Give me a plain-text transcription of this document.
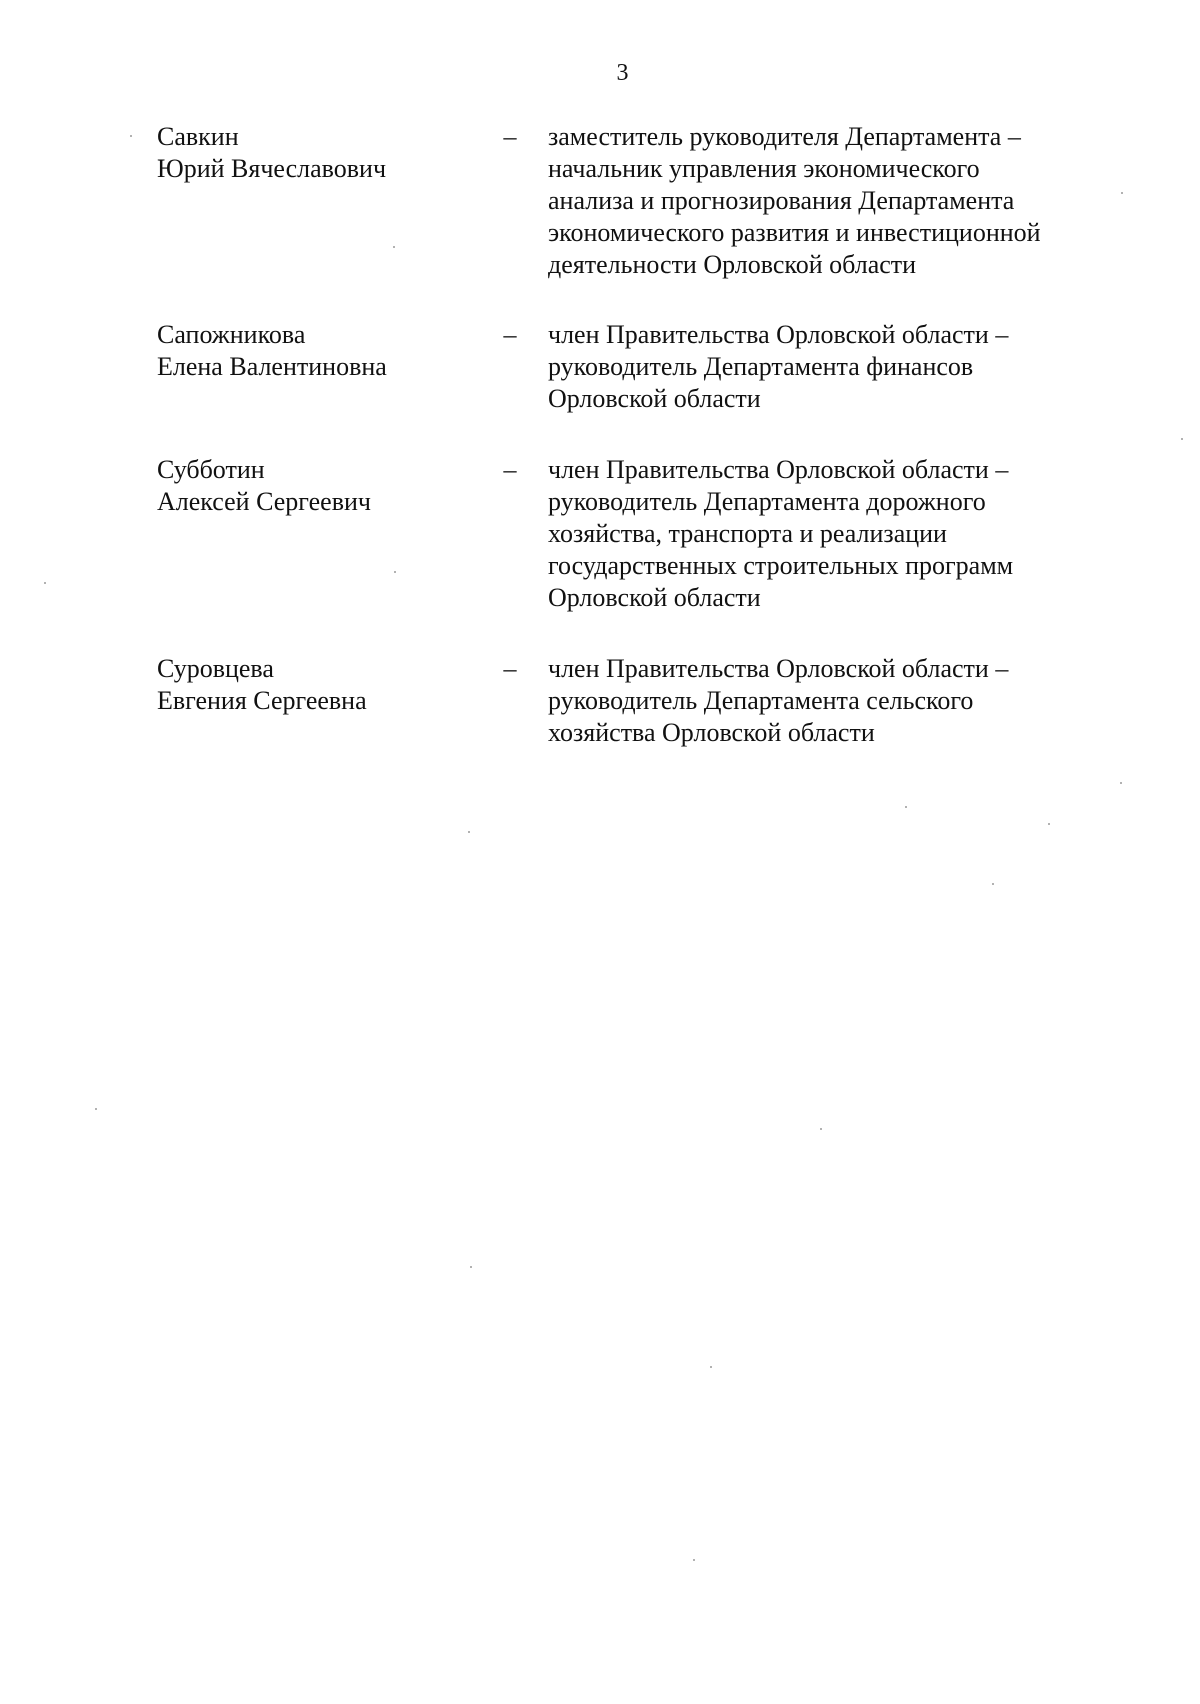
3
Савкин
Юрий Вячеславович
– заместитель руководителя Департамента –
начальник управления экономического
анализа и прогнозирования Департамента
экономического развития и инвестиционной
деятельности Орловской области
Сапожникова
Елена Валентиновна
– член Правительства Орловской области –
руководитель Департамента финансов
Орловской области
Субботин
Алексей Сергеевич
– член Правительства Орловской области –
руководитель Департамента дорожного
хозяйства, транспорта и реализации
государственных строительных программ
Орловской области
Суровцева
Евгения Сергеевна
– член Правительства Орловской области –
руководитель Департамента сельского
хозяйства Орловской области
